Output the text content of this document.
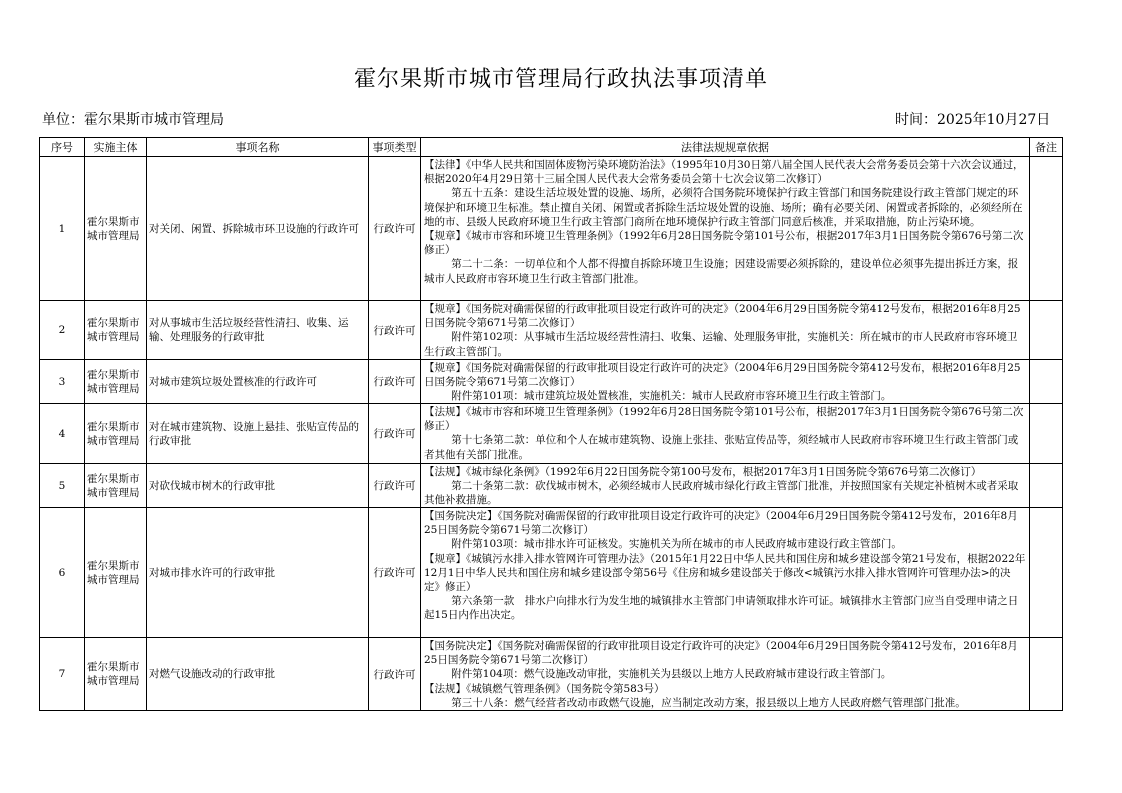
霍尔果斯市城市管理局行政执法事项清单
单位：霍尔果斯市城市管理局	时间：2025年10月27日
序号	实施主体	事项名称	事项类型	法律法规规章依据	备注
1	霍尔果斯市城市管理局	对关闭、闲置、拆除城市环卫设施的行政许可	行政许可	【法律】《中华人民共和国固体废物污染环境防治法》（1995年10月30日第八届全国人民代表大会常务委员会第十六次会议通过，根据2020年4月29日第十三届全国人民代表大会常务委员会第十七次会议第二次修订）

第五十五条：建设生活垃圾处置的设施、场所，必须符合国务院环境保护行政主管部门和国务院建设行政主管部门规定的环境保护和环境卫生标准。禁止擅自关闭、闲置或者拆除生活垃圾处置的设施、场所；确有必要关闭、闲置或者拆除的，必须经所在地的市、县级人民政府环境卫生行政主管部门商所在地环境保护行政主管部门同意后核准，并采取措施，防止污染环境。

【规章】《城市市容和环境卫生管理条例》（1992年6月28日国务院令第101号公布，根据2017年3月1日国务院令第676号第二次修正）

第二十二条：一切单位和个人都不得擅自拆除环境卫生设施；因建设需要必须拆除的，建设单位必须事先提出拆迁方案，报城市人民政府市容环境卫生行政主管部门批准。	

2	霍尔果斯市城市管理局	对从事城市生活垃圾经营性清扫、收集、运输、处理服务的行政审批	行政许可	【规章】《国务院对确需保留的行政审批项目设定行政许可的决定》（2004年6月29日国务院令第412号发布，根据2016年8月25日国务院令第671号第二次修订）

附件第102项：从事城市生活垃圾经营性清扫、收集、运输、处理服务审批，实施机关：所在城市的市人民政府市容环境卫生行政主管部门。	

3	霍尔果斯市城市管理局	对城市建筑垃圾处置核准的行政许可	行政许可	【规章】《国务院对确需保留的行政审批项目设定行政许可的决定》（2004年6月29日国务院令第412号发布，根据2016年8月25日国务院令第671号第二次修订）

附件第101项：城市建筑垃圾处置核准，实施机关：城市人民政府市容环境卫生行政主管部门。	

4	霍尔果斯市城市管理局	对在城市建筑物、设施上悬挂、张贴宣传品的行政审批	行政许可	【法规】《城市市容和环境卫生管理条例》（1992年6月28日国务院令第101号公布，根据2017年3月1日国务院令第676号第二次修正）

第十七条第二款：单位和个人在城市建筑物、设施上张挂、张贴宣传品等，须经城市人民政府市容环境卫生行政主管部门或者其他有关部门批准。	

5	霍尔果斯市城市管理局	对砍伐城市树木的行政审批	行政许可	【法规】《城市绿化条例》（1992年6月22日国务院令第100号发布，根据2017年3月1日国务院令第676号第二次修订）

第二十条第二款：砍伐城市树木，必须经城市人民政府城市绿化行政主管部门批准，并按照国家有关规定补植树木或者采取其他补救措施。	

6	霍尔果斯市城市管理局	对城市排水许可的行政审批	行政许可	【国务院决定】《国务院对确需保留的行政审批项目设定行政许可的决定》（2004年6月29日国务院令第412号发布，2016年8月25日国务院令第671号第二次修订）

附件第103项：城市排水许可证核发。实施机关为所在城市的市人民政府城市建设行政主管部门。

【规章】《城镇污水排入排水管网许可管理办法》（2015年1月22日中华人民共和国住房和城乡建设部令第21号发布，根据2022年12月1日中华人民共和国住房和城乡建设部令第56号《住房和城乡建设部关于修改<城镇污水排入排水管网许可管理办法>的决定》修正）

第六条第一款　排水户向排水行为发生地的城镇排水主管部门申请领取排水许可证。城镇排水主管部门应当自受理申请之日起15日内作出决定。	

7	霍尔果斯市城市管理局	对燃气设施改动的行政审批	行政许可	【国务院决定】《国务院对确需保留的行政审批项目设定行政许可的决定》（2004年6月29日国务院令第412号发布，2016年8月25日国务院令第671号第二次修订）

附件第104项：燃气设施改动审批，实施机关为县级以上地方人民政府城市建设行政主管部门。

【法规】《城镇燃气管理条例》（国务院令第583号）

第三十八条：燃气经营者改动市政燃气设施，应当制定改动方案，报县级以上地方人民政府燃气管理部门批准。	
